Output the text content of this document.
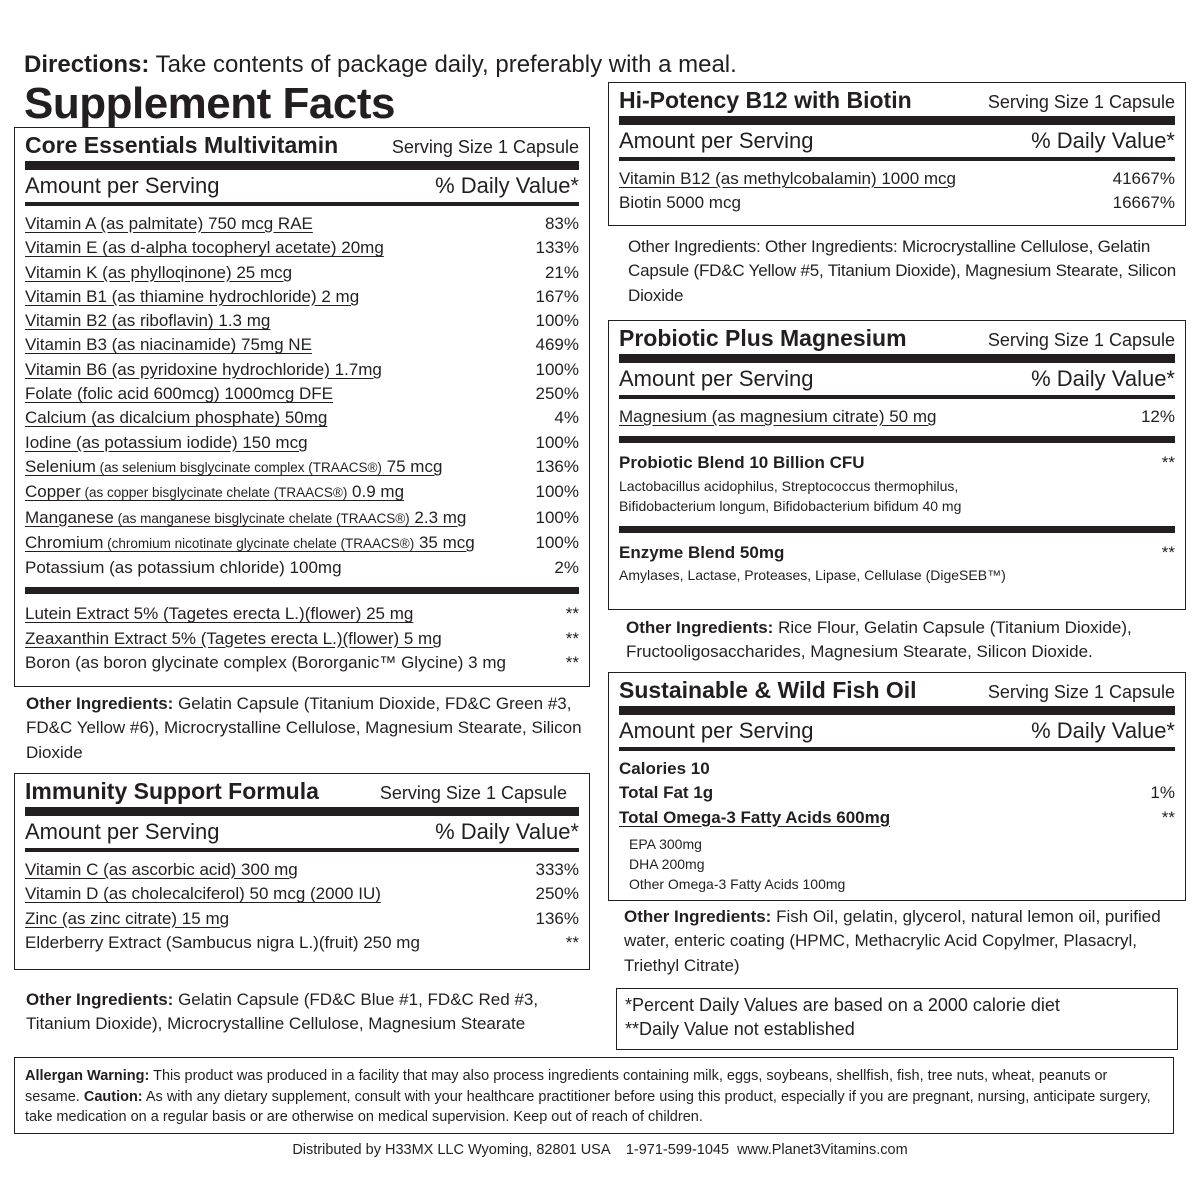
Directions: Take contents of package daily, preferably with a meal.
Supplement Facts
Core Essentials Multivitamin	Serving Size 1 Capsule
Amount per Serving	% Daily Value*
Vitamin A (as palmitate) 750 mcg RAE	83%
Vitamin E (as d-alpha tocopheryl acetate) 20mg	133%
Vitamin K (as phylloqinone) 25 mcg	21%
Vitamin B1 (as thiamine hydrochloride) 2 mg	167%
Vitamin B2 (as riboflavin) 1.3 mg	100%
Vitamin B3 (as niacinamide) 75mg NE	469%
Vitamin B6 (as pyridoxine hydrochloride) 1.7mg	100%
Folate (folic acid 600mcg) 1000mcg DFE	250%
Calcium (as dicalcium phosphate) 50mg	4%
Iodine (as potassium iodide) 150 mcg	100%
Selenium (as selenium bisglycinate complex (TRAACS®) 75 mcg	136%
Copper (as copper bisglycinate chelate (TRAACS®) 0.9 mg	100%
Manganese (as manganese bisglycinate chelate (TRAACS®) 2.3 mg	100%
Chromium (chromium nicotinate glycinate chelate (TRAACS®) 35 mcg	100%
Potassium (as potassium chloride) 100mg	2%
Lutein Extract 5% (Tagetes erecta L.)(flower) 25 mg	**
Zeaxanthin Extract 5% (Tagetes erecta L.)(flower) 5 mg	**
Boron (as boron glycinate complex (Bororganic™ Glycine) 3 mg	**
Other Ingredients: Gelatin Capsule (Titanium Dioxide, FD&C Green #3, FD&C Yellow #6), Microcrystalline Cellulose, Magnesium Stearate, Silicon Dioxide
Immunity Support Formula	Serving Size 1 Capsule
Amount per Serving	% Daily Value*
Vitamin C (as ascorbic acid) 300 mg	333%
Vitamin D (as cholecalciferol) 50 mcg (2000 IU)	250%
Zinc (as zinc citrate) 15 mg	136%
Elderberry Extract (Sambucus nigra L.)(fruit) 250 mg	**
Other Ingredients: Gelatin Capsule (FD&C Blue #1, FD&C Red #3, Titanium Dioxide), Microcrystalline Cellulose, Magnesium Stearate
Hi-Potency B12 with Biotin	Serving Size 1 Capsule
Amount per Serving	% Daily Value*
Vitamin B12 (as methylcobalamin) 1000 mcg	41667%
Biotin 5000 mcg	16667%
Other Ingredients: Other Ingredients: Microcrystalline Cellulose, Gelatin Capsule (FD&C Yellow #5, Titanium Dioxide), Magnesium Stearate, Silicon Dioxide
Probiotic Plus Magnesium	Serving Size 1 Capsule
Amount per Serving	% Daily Value*
Magnesium (as magnesium citrate) 50 mg	12%
Probiotic Blend 10 Billion CFU	**
Lactobacillus acidophilus, Streptococcus thermophilus, Bifidobacterium longum, Bifidobacterium bifidum 40 mg
Enzyme Blend 50mg	**
Amylases, Lactase, Proteases, Lipase, Cellulase (DigeSEB™)
Other Ingredients: Rice Flour, Gelatin Capsule (Titanium Dioxide), Fructooligosaccharides, Magnesium Stearate, Silicon Dioxide.
Sustainable & Wild Fish Oil	Serving Size 1 Capsule
Amount per Serving	% Daily Value*
Calories 10
Total Fat 1g	1%
Total Omega-3 Fatty Acids 600mg	**
EPA 300mg
DHA 200mg
Other Omega-3 Fatty Acids 100mg
Other Ingredients: Fish Oil, gelatin, glycerol, natural lemon oil, purified water, enteric coating (HPMC, Methacrylic Acid Copylmer, Plasacryl, Triethyl Citrate)
*Percent Daily Values are based on a 2000 calorie diet
**Daily Value not established
Allergan Warning: This product was produced in a facility that may also process ingredients containing milk, eggs, soybeans, shellfish, fish, tree nuts, wheat, peanuts or sesame. Caution: As with any dietary supplement, consult with your healthcare practitioner before using this product, especially if you are pregnant, nursing, anticipate surgery, take medication on a regular basis or are otherwise on medical supervision. Keep out of reach of children.
Distributed by H33MX LLC Wyoming, 82801 USA    1-971-599-1045  www.Planet3Vitamins.com
